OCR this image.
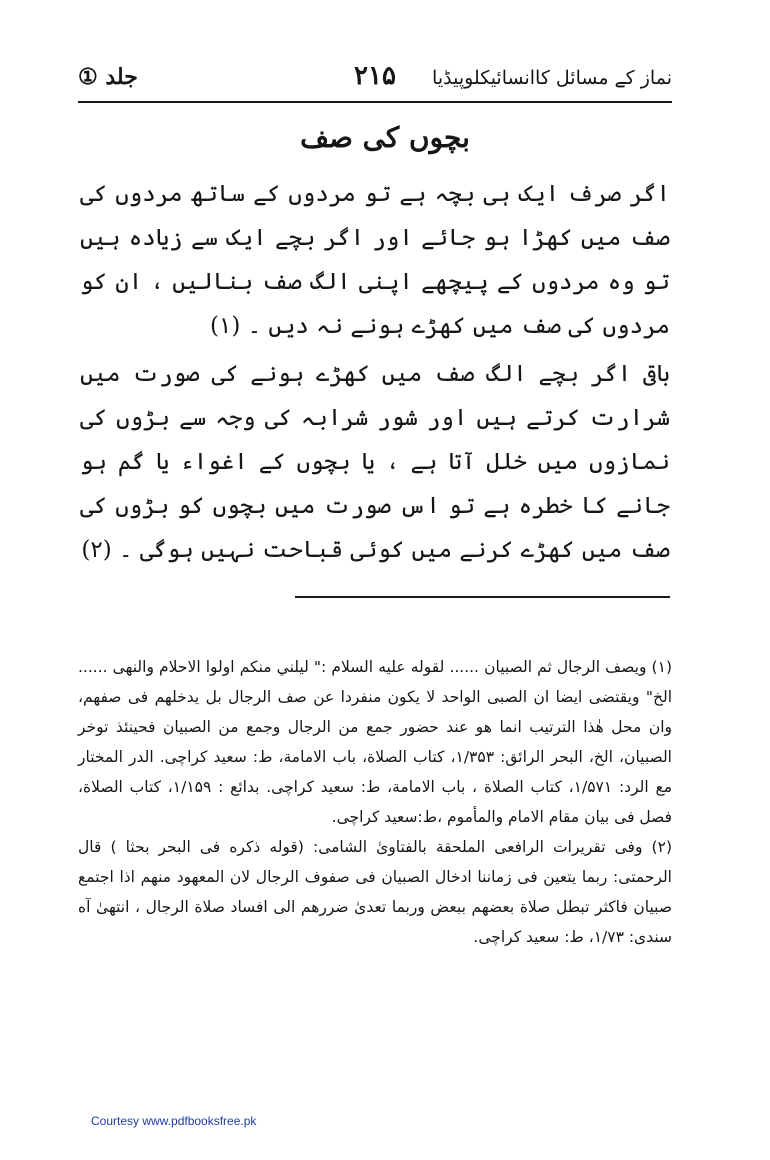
جلد ①	۲۱۵	نماز کے مسائل کاانسائیکلوپیڈیا
بچوں کی صف

اگر صرف ایک ہی بچہ ہے تو مردوں کے ساتھ مردوں کی صف میں کھڑا ہو جائے اور اگر بچے ایک سے زیادہ ہیں تو وہ مردوں کے پیچھے اپنی الگ صف بنالیں ، ان کو مردوں کی صف میں کھڑے ہونے نہ دیں ۔ (۱)

باقی اگر بچے الگ صف میں کھڑے ہونے کی صورت میں شرارت کرتے ہیں اور شور شرابہ کی وجہ سے بڑوں کی نمازوں میں خلل آتا ہے ، یا بچوں کے اغواء یا گم ہو جانے کا خطرہ ہے تو اس صورت میں بچوں کو بڑوں کی صف میں کھڑے کرنے میں کوئی قباحت نہیں ہوگی ۔ (۲)

(۱) ويصف الرجال ثم الصبيان ...... لقوله عليه السلام :" ليلني منكم اولوا الاحلام والنهى ...... الخ" ويقتضى ايضا ان الصبى الواحد لا يكون منفردا عن صف الرجال بل يدخلهم فى صفهم، وان محل هٰذا الترتيب انما هو عند حضور جمع من الرجال وجمع من الصبيان فحينئذ توخر الصبيان، الخ، البحر الرائق: ۱/۳۵۳، كتاب الصلاة، باب الامامة، ط: سعيد كراچى. الدر المختار مع الرد: ۱/۵۷۱، كتاب الصلاة ، باب الامامة، ط: سعيد كراچى. بدائع : ۱/۱۵۹، كتاب الصلاة، فصل فى بيان مقام الامام والمأموم ،ط:سعيد كراچى.

(۲) وفى تقريرات الرافعى الملحقة بالفتاوىٰ الشامى: (قوله ذكره فى البحر بحثا ) قال الرحمتى: ربما يتعين فى زماننا ادخال الصبيان فى صفوف الرجال لان المعهود منهم اذا اجتمع صبيان فاكثر تبطل صلاة بعضهم ببعض وربما تعدىٰ ضررهم الى افساد صلاة الرجال ، انتهىٰ آه سندى: ۱/۷۳، ط: سعيد كراچى.

Courtesy www.pdfbooksfree.pk
